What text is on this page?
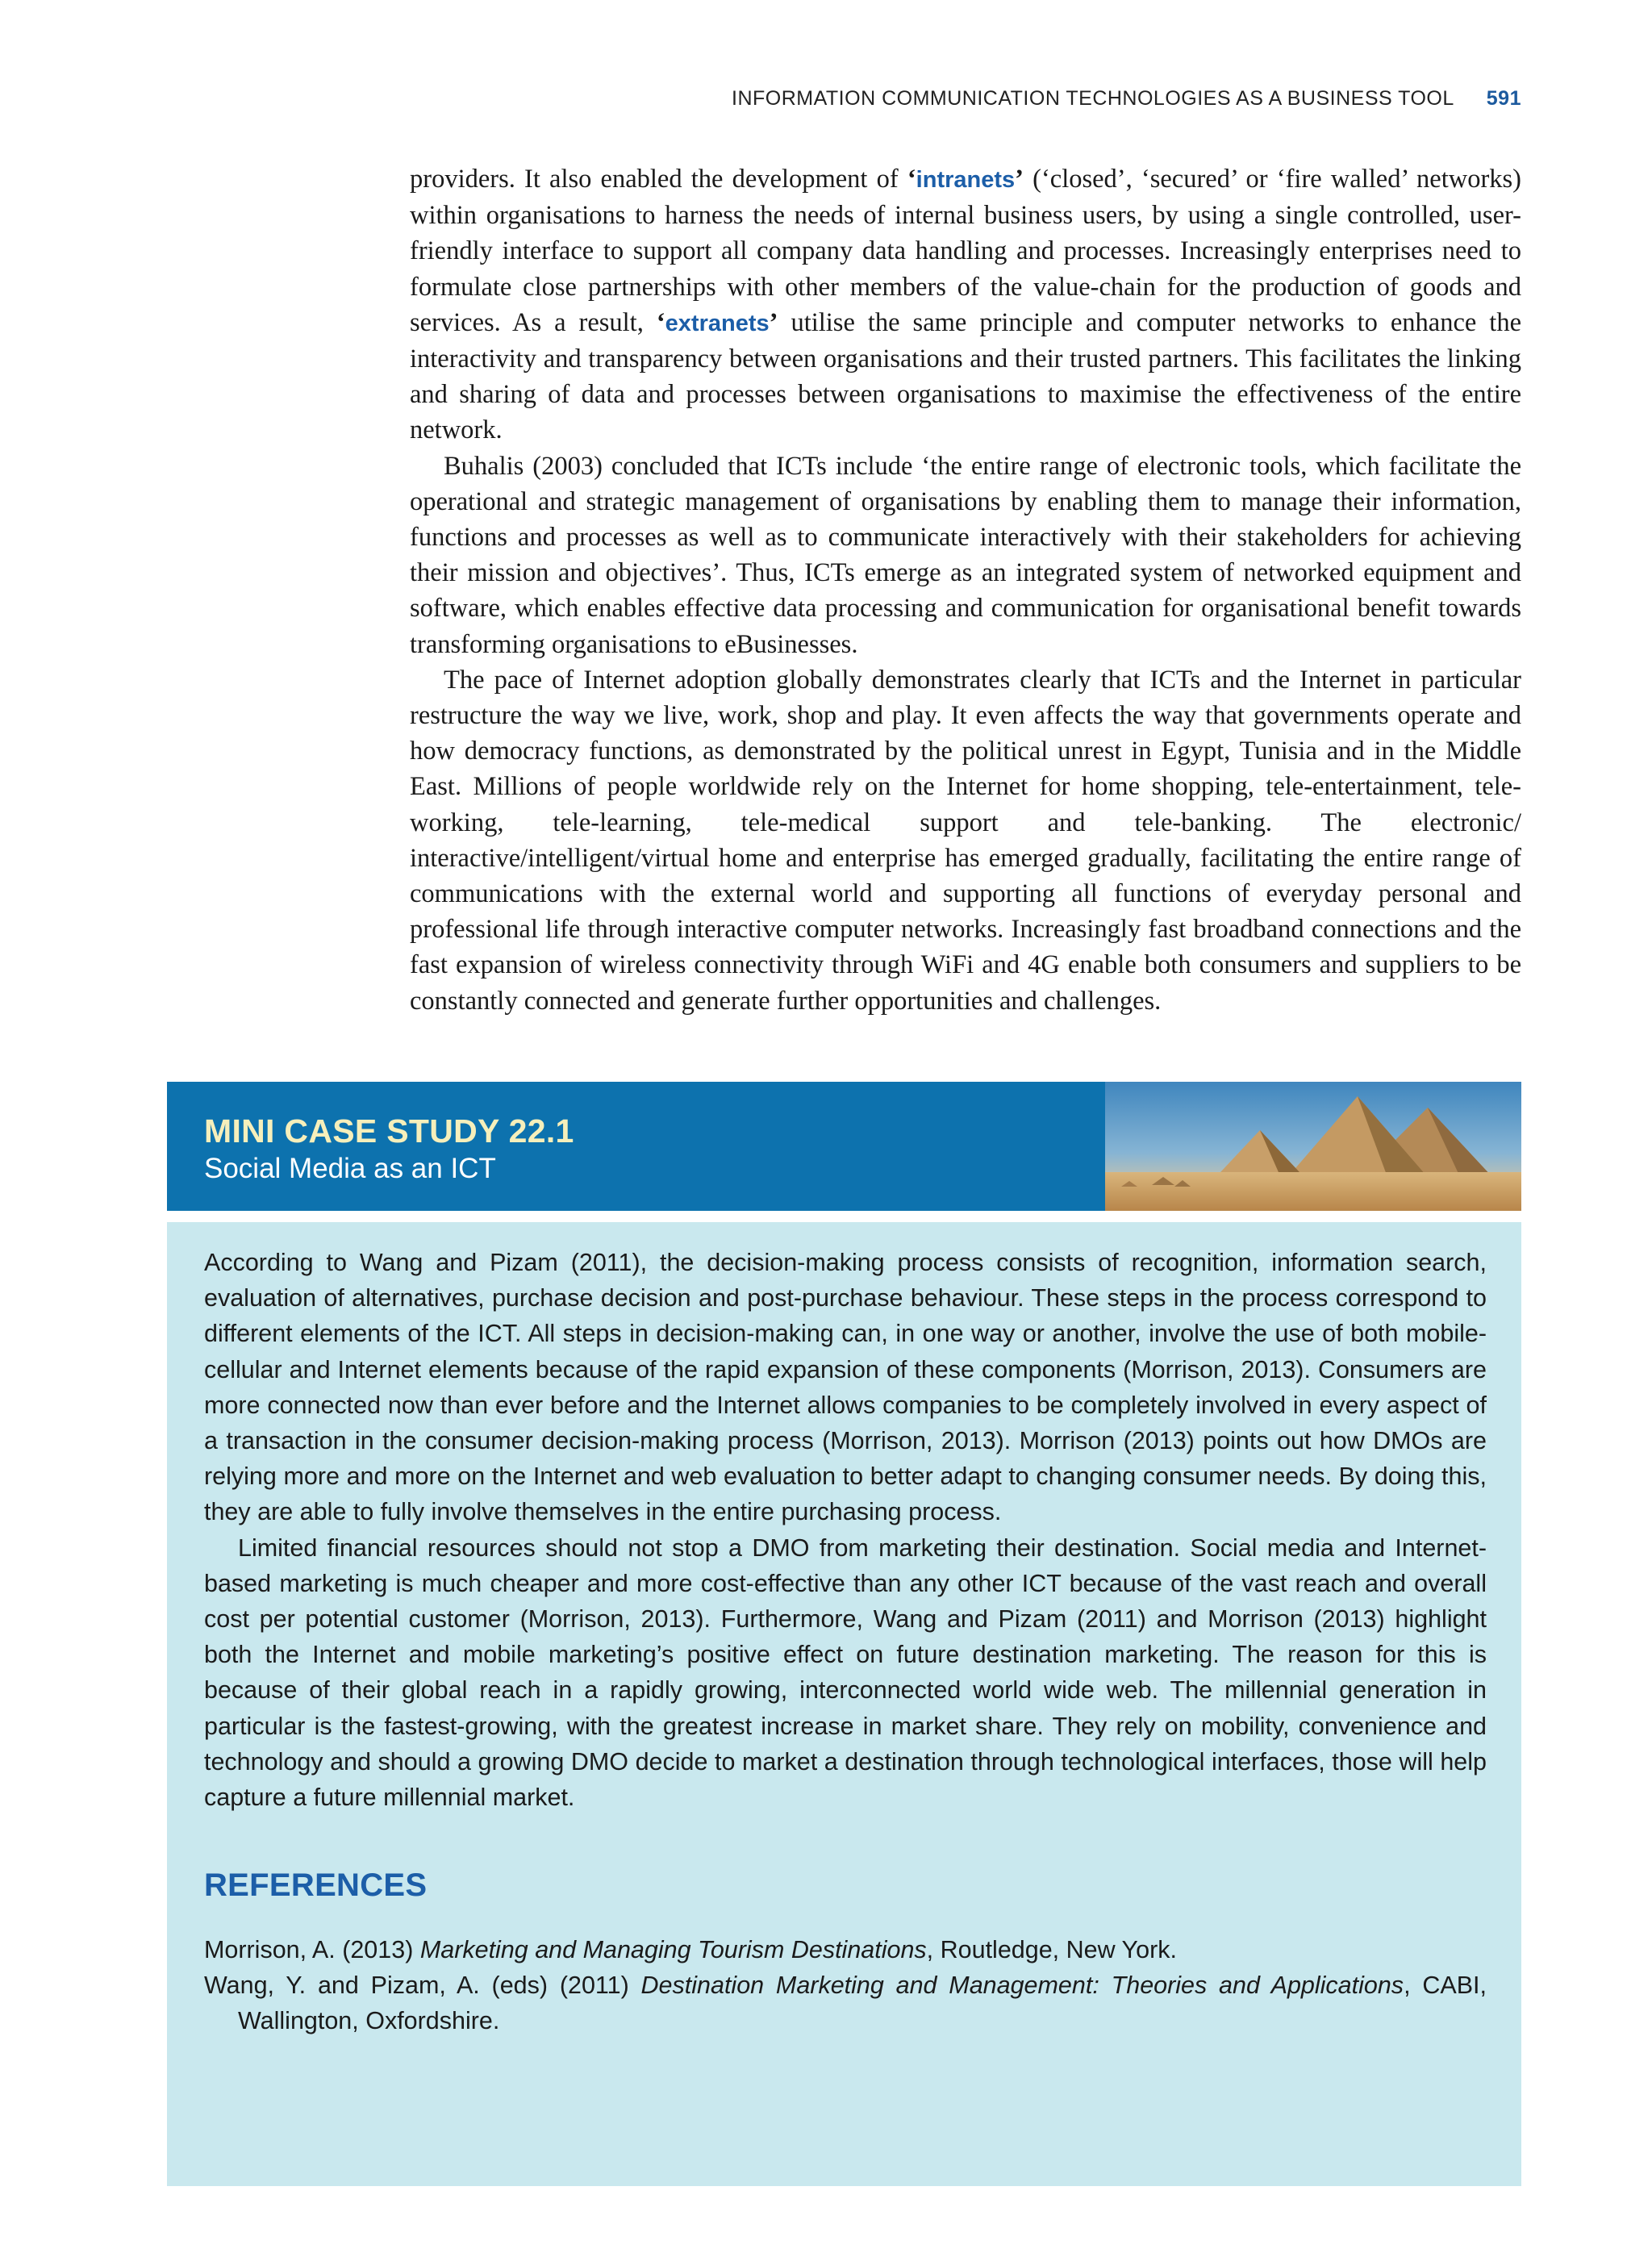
INFORMATION COMMUNICATION TECHNOLOGIES AS A BUSINESS TOOL 591

providers. It also enabled the development of ‘intranets’ (‘closed’, ‘secured’ or ‘fire walled’ networks) within organisations to harness the needs of internal business users, by using a single controlled, user-friendly interface to support all company data handling and processes. Increasingly enterprises need to formulate close partnerships with other members of the value-chain for the production of goods and services. As a result, ‘extranets’ utilise the same principle and computer networks to enhance the interactivity and transparency between organisations and their trusted partners. This facilitates the linking and sharing of data and processes between organisations to maximise the effectiveness of the entire network.

Buhalis (2003) concluded that ICTs include ‘the entire range of electronic tools, which facilitate the operational and strategic management of organisations by enabling them to manage their information, functions and processes as well as to communicate interactively with their stakeholders for achieving their mission and objectives’. Thus, ICTs emerge as an integrated system of networked equipment and software, which enables effective data processing and communication for organisational benefit towards transforming organisations to eBusinesses.

The pace of Internet adoption globally demonstrates clearly that ICTs and the Internet in particular restructure the way we live, work, shop and play. It even affects the way that governments operate and how democracy functions, as demonstrated by the political unrest in Egypt, Tunisia and in the Middle East. Millions of people worldwide rely on the Internet for home shopping, tele-entertainment, tele-working, tele-learning, tele-medical support and tele-banking. The electronic/ interactive/intelligent/virtual home and enterprise has emerged gradually, facilitating the entire range of communications with the external world and supporting all functions of everyday personal and professional life through interactive computer networks. Increasingly fast broadband connections and the fast expansion of wireless connectivity through WiFi and 4G enable both consumers and suppliers to be constantly connected and generate further opportunities and challenges.

MINI CASE STUDY 22.1
Social Media as an ICT

According to Wang and Pizam (2011), the decision-making process consists of recognition, information search, evaluation of alternatives, purchase decision and post-purchase behaviour. These steps in the process correspond to different elements of the ICT. All steps in decision-making can, in one way or another, involve the use of both mobile-cellular and Internet elements because of the rapid expansion of these components (Morrison, 2013). Consumers are more connected now than ever before and the Internet allows companies to be completely involved in every aspect of a transaction in the consumer decision-making process (Morrison, 2013). Morrison (2013) points out how DMOs are relying more and more on the Internet and web evaluation to better adapt to changing consumer needs. By doing this, they are able to fully involve themselves in the entire purchasing process.

Limited financial resources should not stop a DMO from marketing their destination. Social media and Internet-based marketing is much cheaper and more cost-effective than any other ICT because of the vast reach and overall cost per potential customer (Morrison, 2013). Furthermore, Wang and Pizam (2011) and Morrison (2013) highlight both the Internet and mobile marketing’s positive effect on future destination marketing. The reason for this is because of their global reach in a rapidly growing, interconnected world wide web. The millennial generation in particular is the fastest-growing, with the greatest increase in market share. They rely on mobility, convenience and technology and should a growing DMO decide to market a destination through technological interfaces, those will help capture a future millennial market.

REFERENCES
Morrison, A. (2013) Marketing and Managing Tourism Destinations, Routledge, New York.
Wang, Y. and Pizam, A. (eds) (2011) Destination Marketing and Management: Theories and Applications, CABI, Wallington, Oxfordshire.
